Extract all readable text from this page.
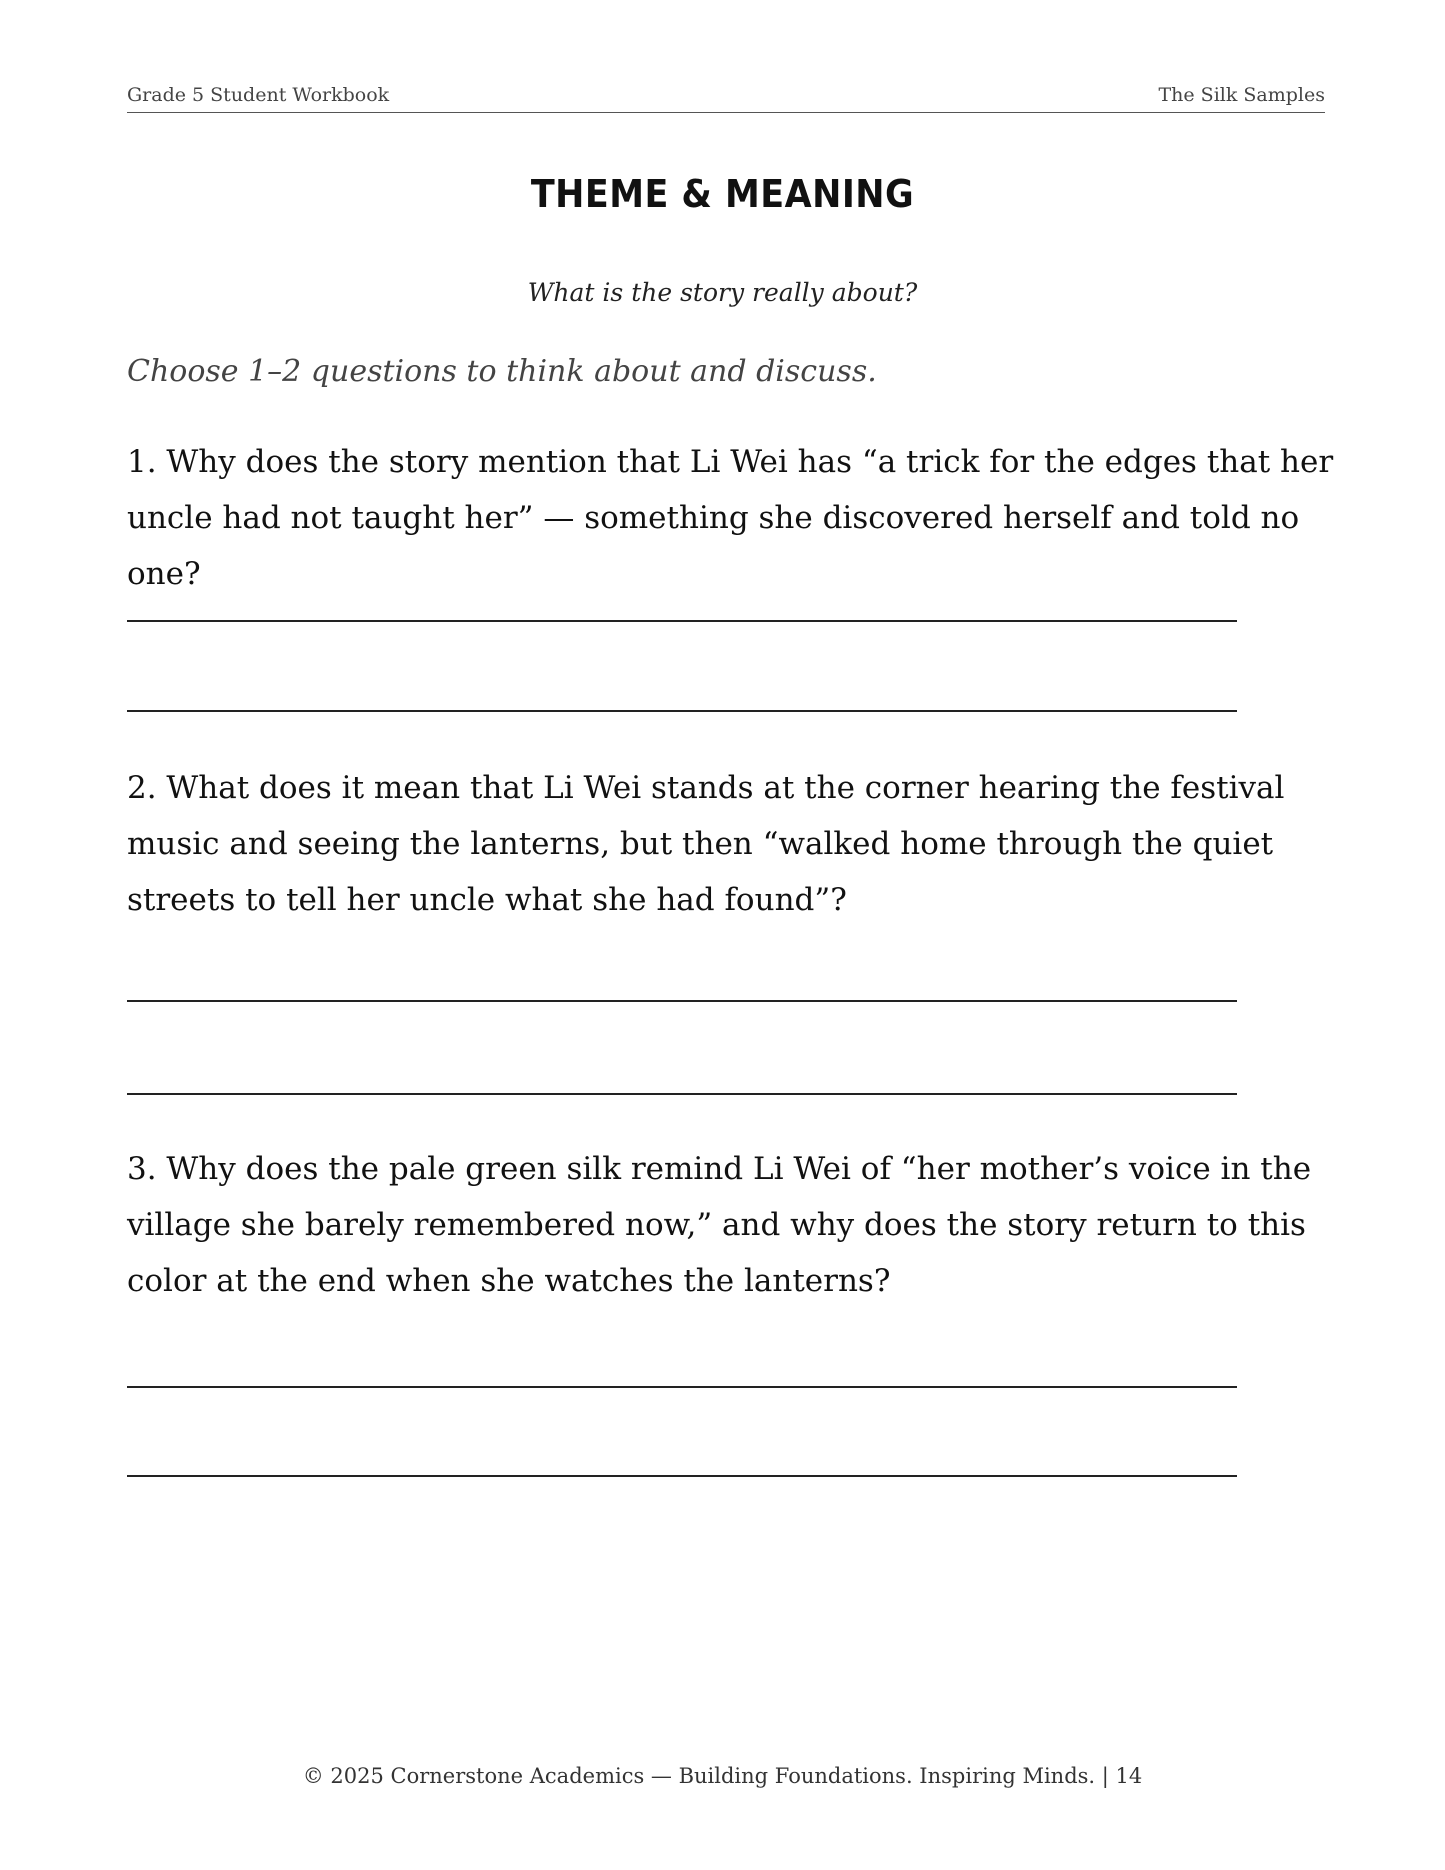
Grade 5 Student Workbook	The Silk Samples
THEME & MEANING
What is the story really about?
Choose 1–2 questions to think about and discuss.
1. Why does the story mention that Li Wei has “a trick for the edges that her uncle had not taught her” — something she discovered herself and told no one?
2. What does it mean that Li Wei stands at the corner hearing the festival music and seeing the lanterns, but then “walked home through the quiet streets to tell her uncle what she had found”?
3. Why does the pale green silk remind Li Wei of “her mother’s voice in the village she barely remembered now,” and why does the story return to this color at the end when she watches the lanterns?
© 2025 Cornerstone Academics — Building Foundations. Inspiring Minds. | 14
